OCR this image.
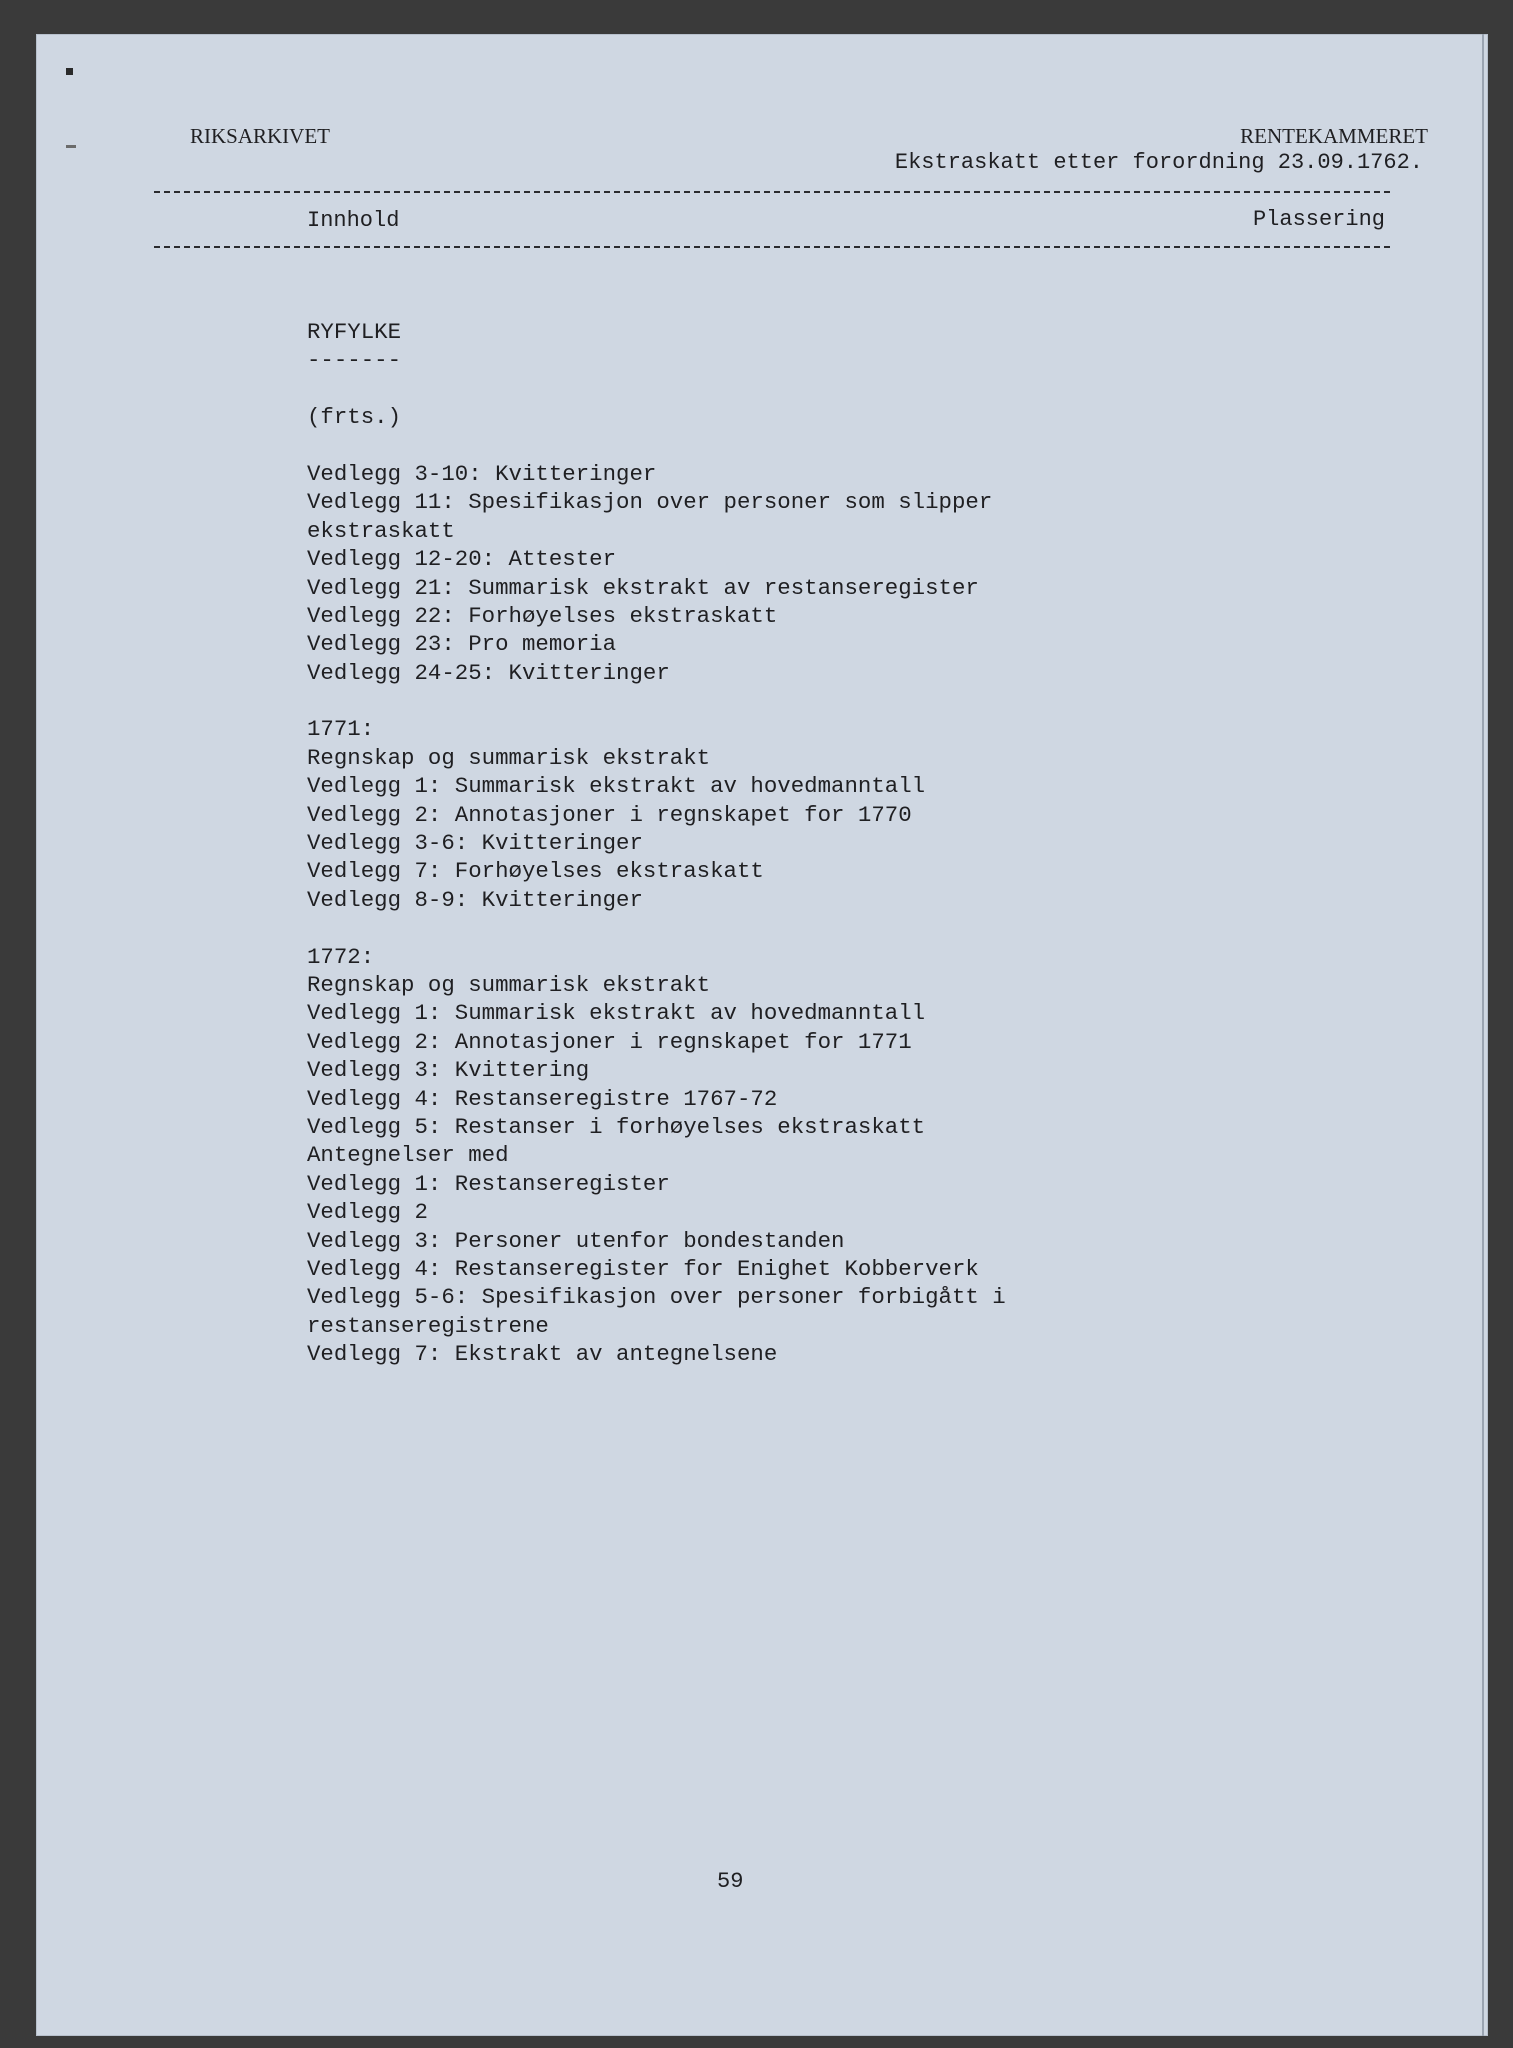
RIKSARKIVET	RENTEKAMMERET
Ekstraskatt etter forordning 23.09.1762.
Innhold	Plassering
RYFYLKE
-------
(frts.)
Vedlegg 3-10: Kvitteringer
Vedlegg 11: Spesifikasjon over personer som slipper
ekstraskatt
Vedlegg 12-20: Attester
Vedlegg 21: Summarisk ekstrakt av restanseregister
Vedlegg 22: Forhøyelses ekstraskatt
Vedlegg 23: Pro memoria
Vedlegg 24-25: Kvitteringer
1771:
Regnskap og summarisk ekstrakt
Vedlegg 1: Summarisk ekstrakt av hovedmanntall
Vedlegg 2: Annotasjoner i regnskapet for 1770
Vedlegg 3-6: Kvitteringer
Vedlegg 7: Forhøyelses ekstraskatt
Vedlegg 8-9: Kvitteringer
1772:
Regnskap og summarisk ekstrakt
Vedlegg 1: Summarisk ekstrakt av hovedmanntall
Vedlegg 2: Annotasjoner i regnskapet for 1771
Vedlegg 3: Kvittering
Vedlegg 4: Restanseregistre 1767-72
Vedlegg 5: Restanser i forhøyelses ekstraskatt
Antegnelser med
Vedlegg 1: Restanseregister
Vedlegg 2
Vedlegg 3: Personer utenfor bondestanden
Vedlegg 4: Restanseregister for Enighet Kobberverk
Vedlegg 5-6: Spesifikasjon over personer forbigått i
restanseregistrene
Vedlegg 7: Ekstrakt av antegnelsene
59
